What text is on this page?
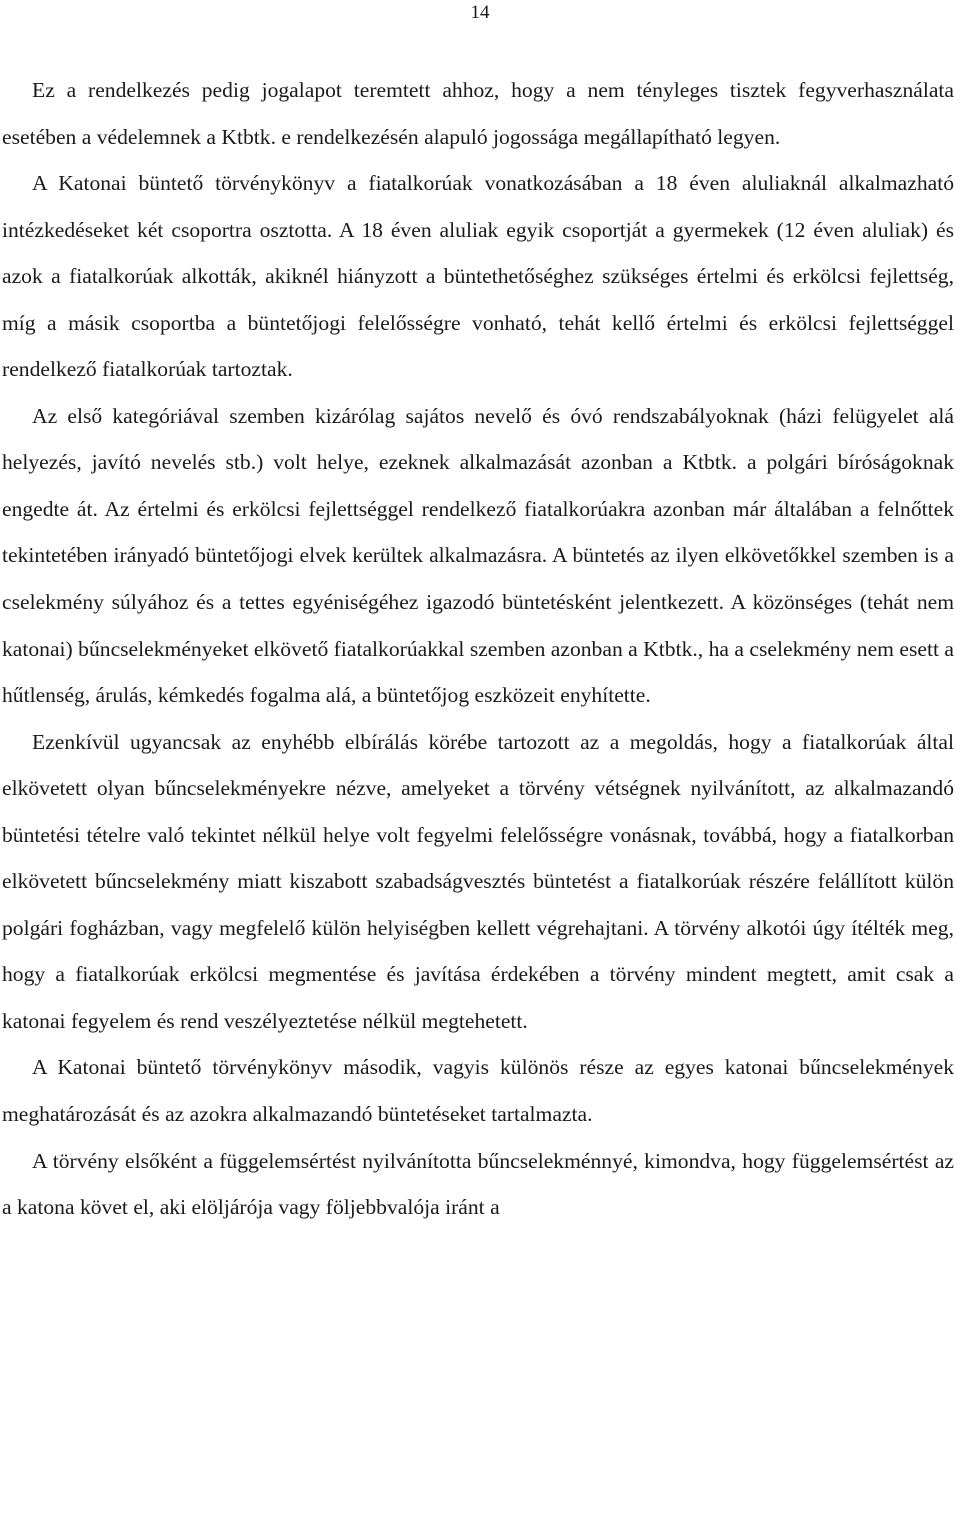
14

Ez a rendelkezés pedig jogalapot teremtett ahhoz, hogy a nem tényleges tisztek fegyverhasználata esetében a védelemnek a Ktbtk. e rendelkezésén alapuló jogossága megállapítható legyen.

A Katonai büntető törvénykönyv a fiatalkorúak vonatkozásában a 18 éven aluliaknál alkalmazható intézkedéseket két csoportra osztotta. A 18 éven aluliak egyik csoportját a gyermekek (12 éven aluliak) és azok a fiatalkorúak alkották, akiknél hiányzott a büntethetőséghez szükséges értelmi és erkölcsi fejlettség, míg a másik csoportba a büntetőjogi felelősségre vonható, tehát kellő értelmi és erkölcsi fejlettséggel rendelkező fiatalkorúak tartoztak.

Az első kategóriával szemben kizárólag sajátos nevelő és óvó rendszabályoknak (házi felügyelet alá helyezés, javító nevelés stb.) volt helye, ezeknek alkalmazását azonban a Ktbtk. a polgári bíróságoknak engedte át. Az értelmi és erkölcsi fejlettséggel rendelkező fiatalkorúakra azonban már általában a felnőttek tekintetében irányadó büntetőjogi elvek kerültek alkalmazásra. A büntetés az ilyen elkövetőkkel szemben is a cselekmény súlyához és a tettes egyéniségéhez igazodó büntetésként jelentkezett. A közönséges (tehát nem katonai) bűncselekményeket elkövető fiatalkorúakkal szemben azonban a Ktbtk., ha a cselekmény nem esett a hűtlenség, árulás, kémkedés fogalma alá, a büntetőjog eszközeit enyhítette.

Ezenkívül ugyancsak az enyhébb elbírálás körébe tartozott az a megoldás, hogy a fiatalkorúak által elkövetett olyan bűncselekményekre nézve, amelyeket a törvény vétségnek nyilvánított, az alkalmazandó büntetési tételre való tekintet nélkül helye volt fegyelmi felelősségre vonásnak, továbbá, hogy a fiatalkorban elkövetett bűncselekmény miatt kiszabott szabadságvesztés büntetést a fiatalkorúak részére felállított külön polgári fogházban, vagy megfelelő külön helyiségben kellett végrehajtani. A törvény alkotói úgy ítélték meg, hogy a fiatalkorúak erkölcsi megmentése és javítása érdekében a törvény mindent megtett, amit csak a katonai fegyelem és rend veszélyeztetése nélkül megtehetett.

A Katonai büntető törvénykönyv második, vagyis különös része az egyes katonai bűncselekmények meghatározását és az azokra alkalmazandó büntetéseket tartalmazta.

A törvény elsőként a függelemsértést nyilvánította bűncselekménnyé, kimondva, hogy függelemsértést az a katona követ el, aki elöljárója vagy följebbvalója iránt a
